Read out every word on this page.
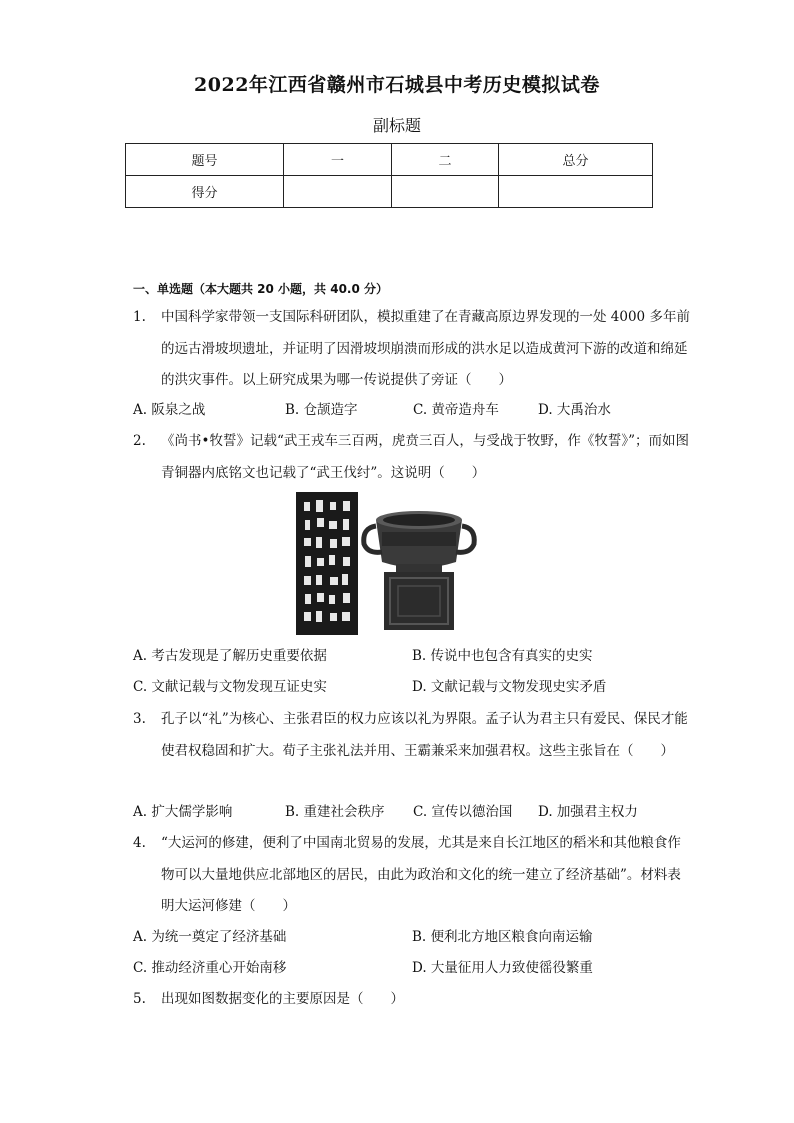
2022年江西省赣州市石城县中考历史模拟试卷
副标题
题号	一	二	总分
得分			
一、单选题（本大题共 20 小题，共 40.0 分）
1.	中国科学家带领一支国际科研团队，模拟重建了在青藏高原边界发现的一处 4000 多年前的远古滑坡坝遗址，并证明了因滑坡坝崩溃而形成的洪水足以造成黄河下游的改道和绵延的洪灾事件。以上研究成果为哪一传说提供了旁证（　　）
A. 阪泉之战	B. 仓颉造字	C. 黄帝造舟车	D. 大禹治水
2.	《尚书•牧誓》记载“武王戎车三百两，虎贲三百人，与受战于牧野，作《牧誓》”；而如图青铜器内底铭文也记载了“武王伐纣”。这说明（　　）
A. 考古发现是了解历史重要依据	B. 传说中也包含有真实的史实
C. 文献记载与文物发现互证史实	D. 文献记载与文物发现史实矛盾
3.	孔子以“礼”为核心、主张君臣的权力应该以礼为界限。孟子认为君主只有爱民、保民才能使君权稳固和扩大。荀子主张礼法并用、王霸兼采来加强君权。这些主张旨在（　　）
A. 扩大儒学影响	B. 重建社会秩序 C. 宣传以德治国 D. 加强君主权力
4.	“大运河的修建，便利了中国南北贸易的发展，尤其是来自长江地区的稻米和其他粮食作物可以大量地供应北部地区的居民，由此为政治和文化的统一建立了经济基础”。材料表明大运河修建（　　）
A. 为统一奠定了经济基础	B. 便利北方地区粮食向南运输
C. 推动经济重心开始南移	D. 大量征用人力致使徭役繁重
5.	出现如图数据变化的主要原因是（　　）
